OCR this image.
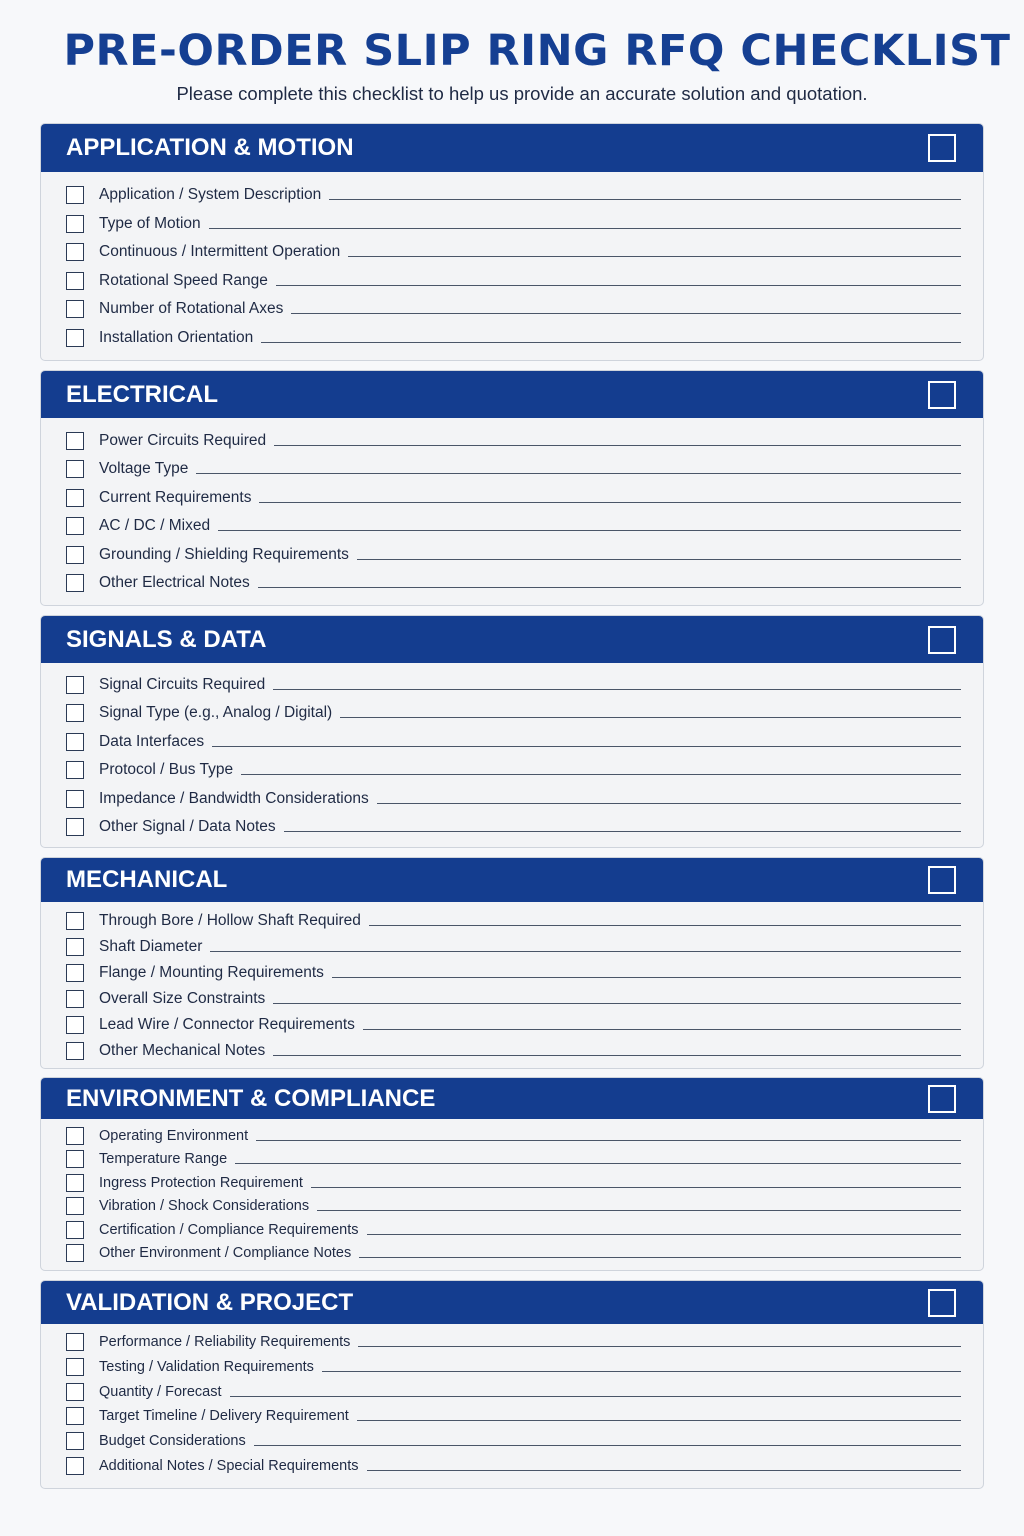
PRE-ORDER SLIP RING RFQ CHECKLIST
Please complete this checklist to help us provide an accurate solution and quotation.
APPLICATION & MOTION
Application / System Description
Type of Motion
Continuous / Intermittent Operation
Rotational Speed Range
Number of Rotational Axes
Installation Orientation
ELECTRICAL
Power Circuits Required
Voltage Type
Current Requirements
AC / DC / Mixed
Grounding / Shielding Requirements
Other Electrical Notes
SIGNALS & DATA
Signal Circuits Required
Signal Type (e.g., Analog / Digital)
Data Interfaces
Protocol / Bus Type
Impedance / Bandwidth Considerations
Other Signal / Data Notes
MECHANICAL
Through Bore / Hollow Shaft Required
Shaft Diameter
Flange / Mounting Requirements
Overall Size Constraints
Lead Wire / Connector Requirements
Other Mechanical Notes
ENVIRONMENT & COMPLIANCE
Operating Environment
Temperature Range
Ingress Protection Requirement
Vibration / Shock Considerations
Certification / Compliance Requirements
Other Environment / Compliance Notes
VALIDATION & PROJECT
Performance / Reliability Requirements
Testing / Validation Requirements
Quantity / Forecast
Target Timeline / Delivery Requirement
Budget Considerations
Additional Notes / Special Requirements
